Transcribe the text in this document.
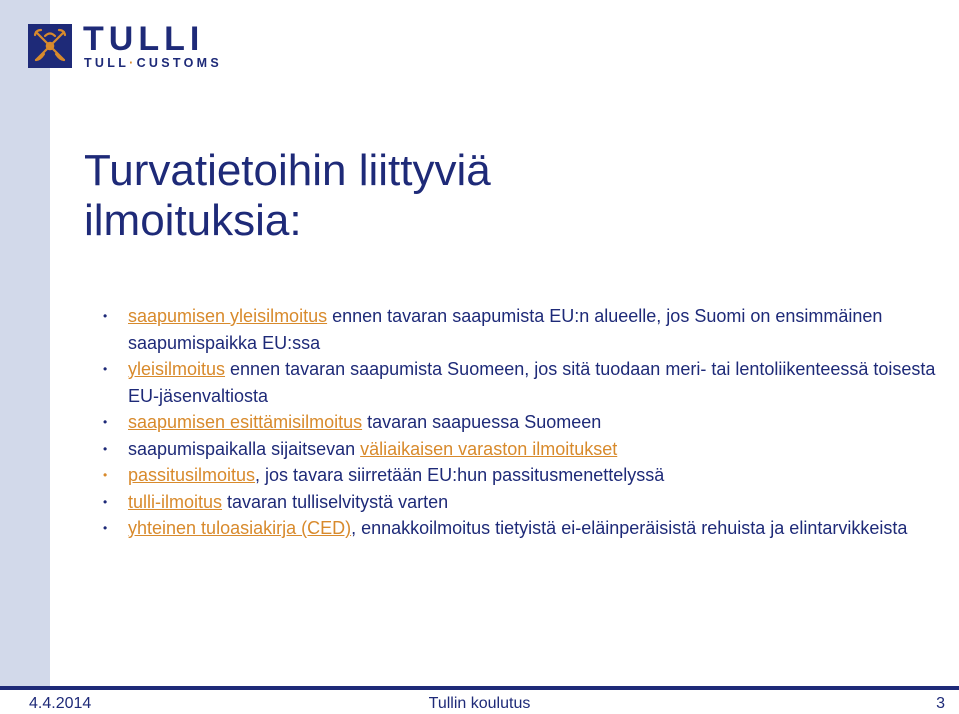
TULLI
TULL·CUSTOMS
Turvatietoihin liittyviä
ilmoituksia:
• saapumisen yleisilmoitus ennen tavaran saapumista EU:n alueelle, jos Suomi on ensimmäinen saapumispaikka EU:ssa
• yleisilmoitus ennen tavaran saapumista Suomeen, jos sitä tuodaan meri- tai lentoliikenteessä toisesta EU-jäsenvaltiosta
• saapumisen esittämisilmoitus tavaran saapuessa Suomeen
• saapumispaikalla sijaitsevan väliaikaisen varaston ilmoitukset
• passitusilmoitus, jos tavara siirretään EU:hun passitusmenettelyssä
• tulli-ilmoitus tavaran tulliselvitystä varten
• yhteinen tuloasiakirja (CED), ennakkoilmoitus tietyistä ei-eläinperäisistä rehuista ja elintarvikkeista
4.4.2014	Tullin koulutus	3
